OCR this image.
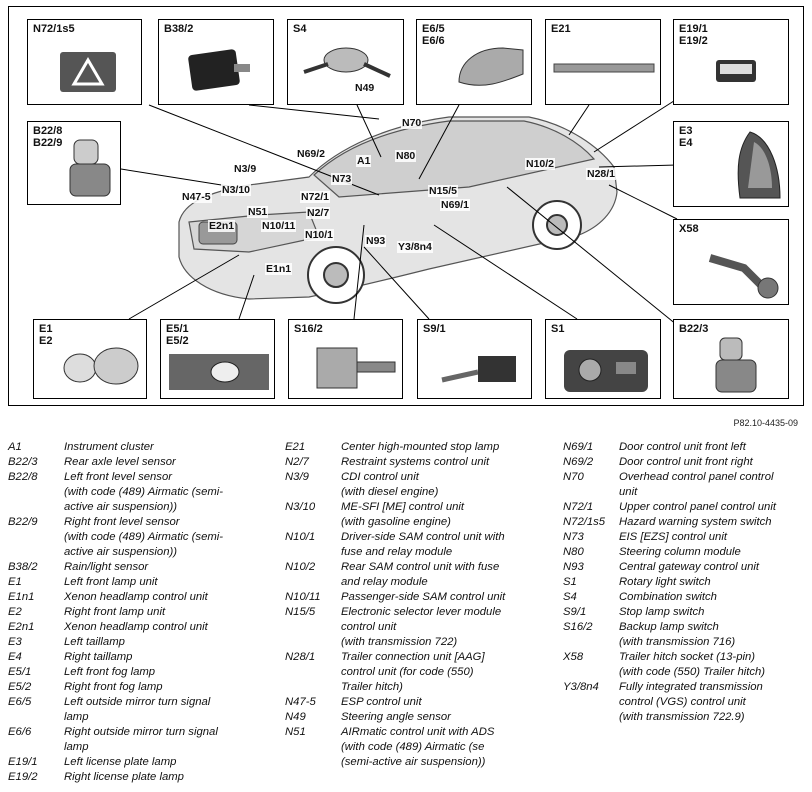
N72/1s5	B38/2	S4
N49
E6/5
E6/6
E21	E19/1
E19/2
B22/8
B22/9
E3
E4
X58
E1
E2
E5/1
E5/2
S16/2	S9/1	S1	B22/3
N70
N69/2	N80
A1
N3/9
N73
N10/2
N28/1
N3/10
N47-5	N72/1	N15/5
N51
N69/1
N2/7
E2n1	N10/11
N10/1	N93 Y3/8n4
E1n1
P82.10-4435-09
A1	Instrument cluster
B22/3	Rear axle level sensor
B22/8	Left front level sensor
(with code (489) Airmatic (semi-
active air suspension))
B22/9	Right front level sensor
(with code (489) Airmatic (semi-
active air suspension))
B38/2	Rain/light sensor
E1	Left front lamp unit
E1n1	Xenon headlamp control unit
E2	Right front lamp unit
E2n1	Xenon headlamp control unit
E3	Left taillamp
E4	Right taillamp
E5/1	Left front fog lamp
E5/2	Right front fog lamp
E6/5	Left outside mirror turn signal
lamp
E6/6	Right outside mirror turn signal
lamp
E19/1	Left license plate lamp
E19/2	Right license plate lamp
E21	Center high-mounted stop lamp
N2/7	Restraint systems control unit
N3/9	CDI control unit
(with diesel engine)
N3/10	ME-SFI [ME] control unit
(with gasoline engine)
N10/1	Driver-side SAM control unit with
fuse and relay module
N10/2	Rear SAM control unit with fuse
and relay module
N10/11	Passenger-side SAM control unit
N15/5	Electronic selector lever module
control unit
(with transmission 722)
N28/1	Trailer connection unit [AAG]
control unit (for code (550)
Trailer hitch)
N47-5	ESP control unit
N49	Steering angle sensor
N51	AIRmatic control unit with ADS
(with code (489) Airmatic (se
(semi-active air suspension))
N69/1	Door control unit front left
N69/2	Door control unit front right
N70	Overhead control panel control
unit
N72/1	Upper control panel control unit
N72/1s5	Hazard warning system switch
N73	EIS [EZS] control unit
N80	Steering column module
N93	Central gateway control unit
S1	Rotary light switch
S4	Combination switch
S9/1	Stop lamp switch
S16/2	Backup lamp switch
(with transmission 716)
X58	Trailer hitch socket (13-pin)
(with code (550) Trailer hitch)
Y3/8n4	Fully integrated transmission
control (VGS) control unit
(with transmission 722.9)
